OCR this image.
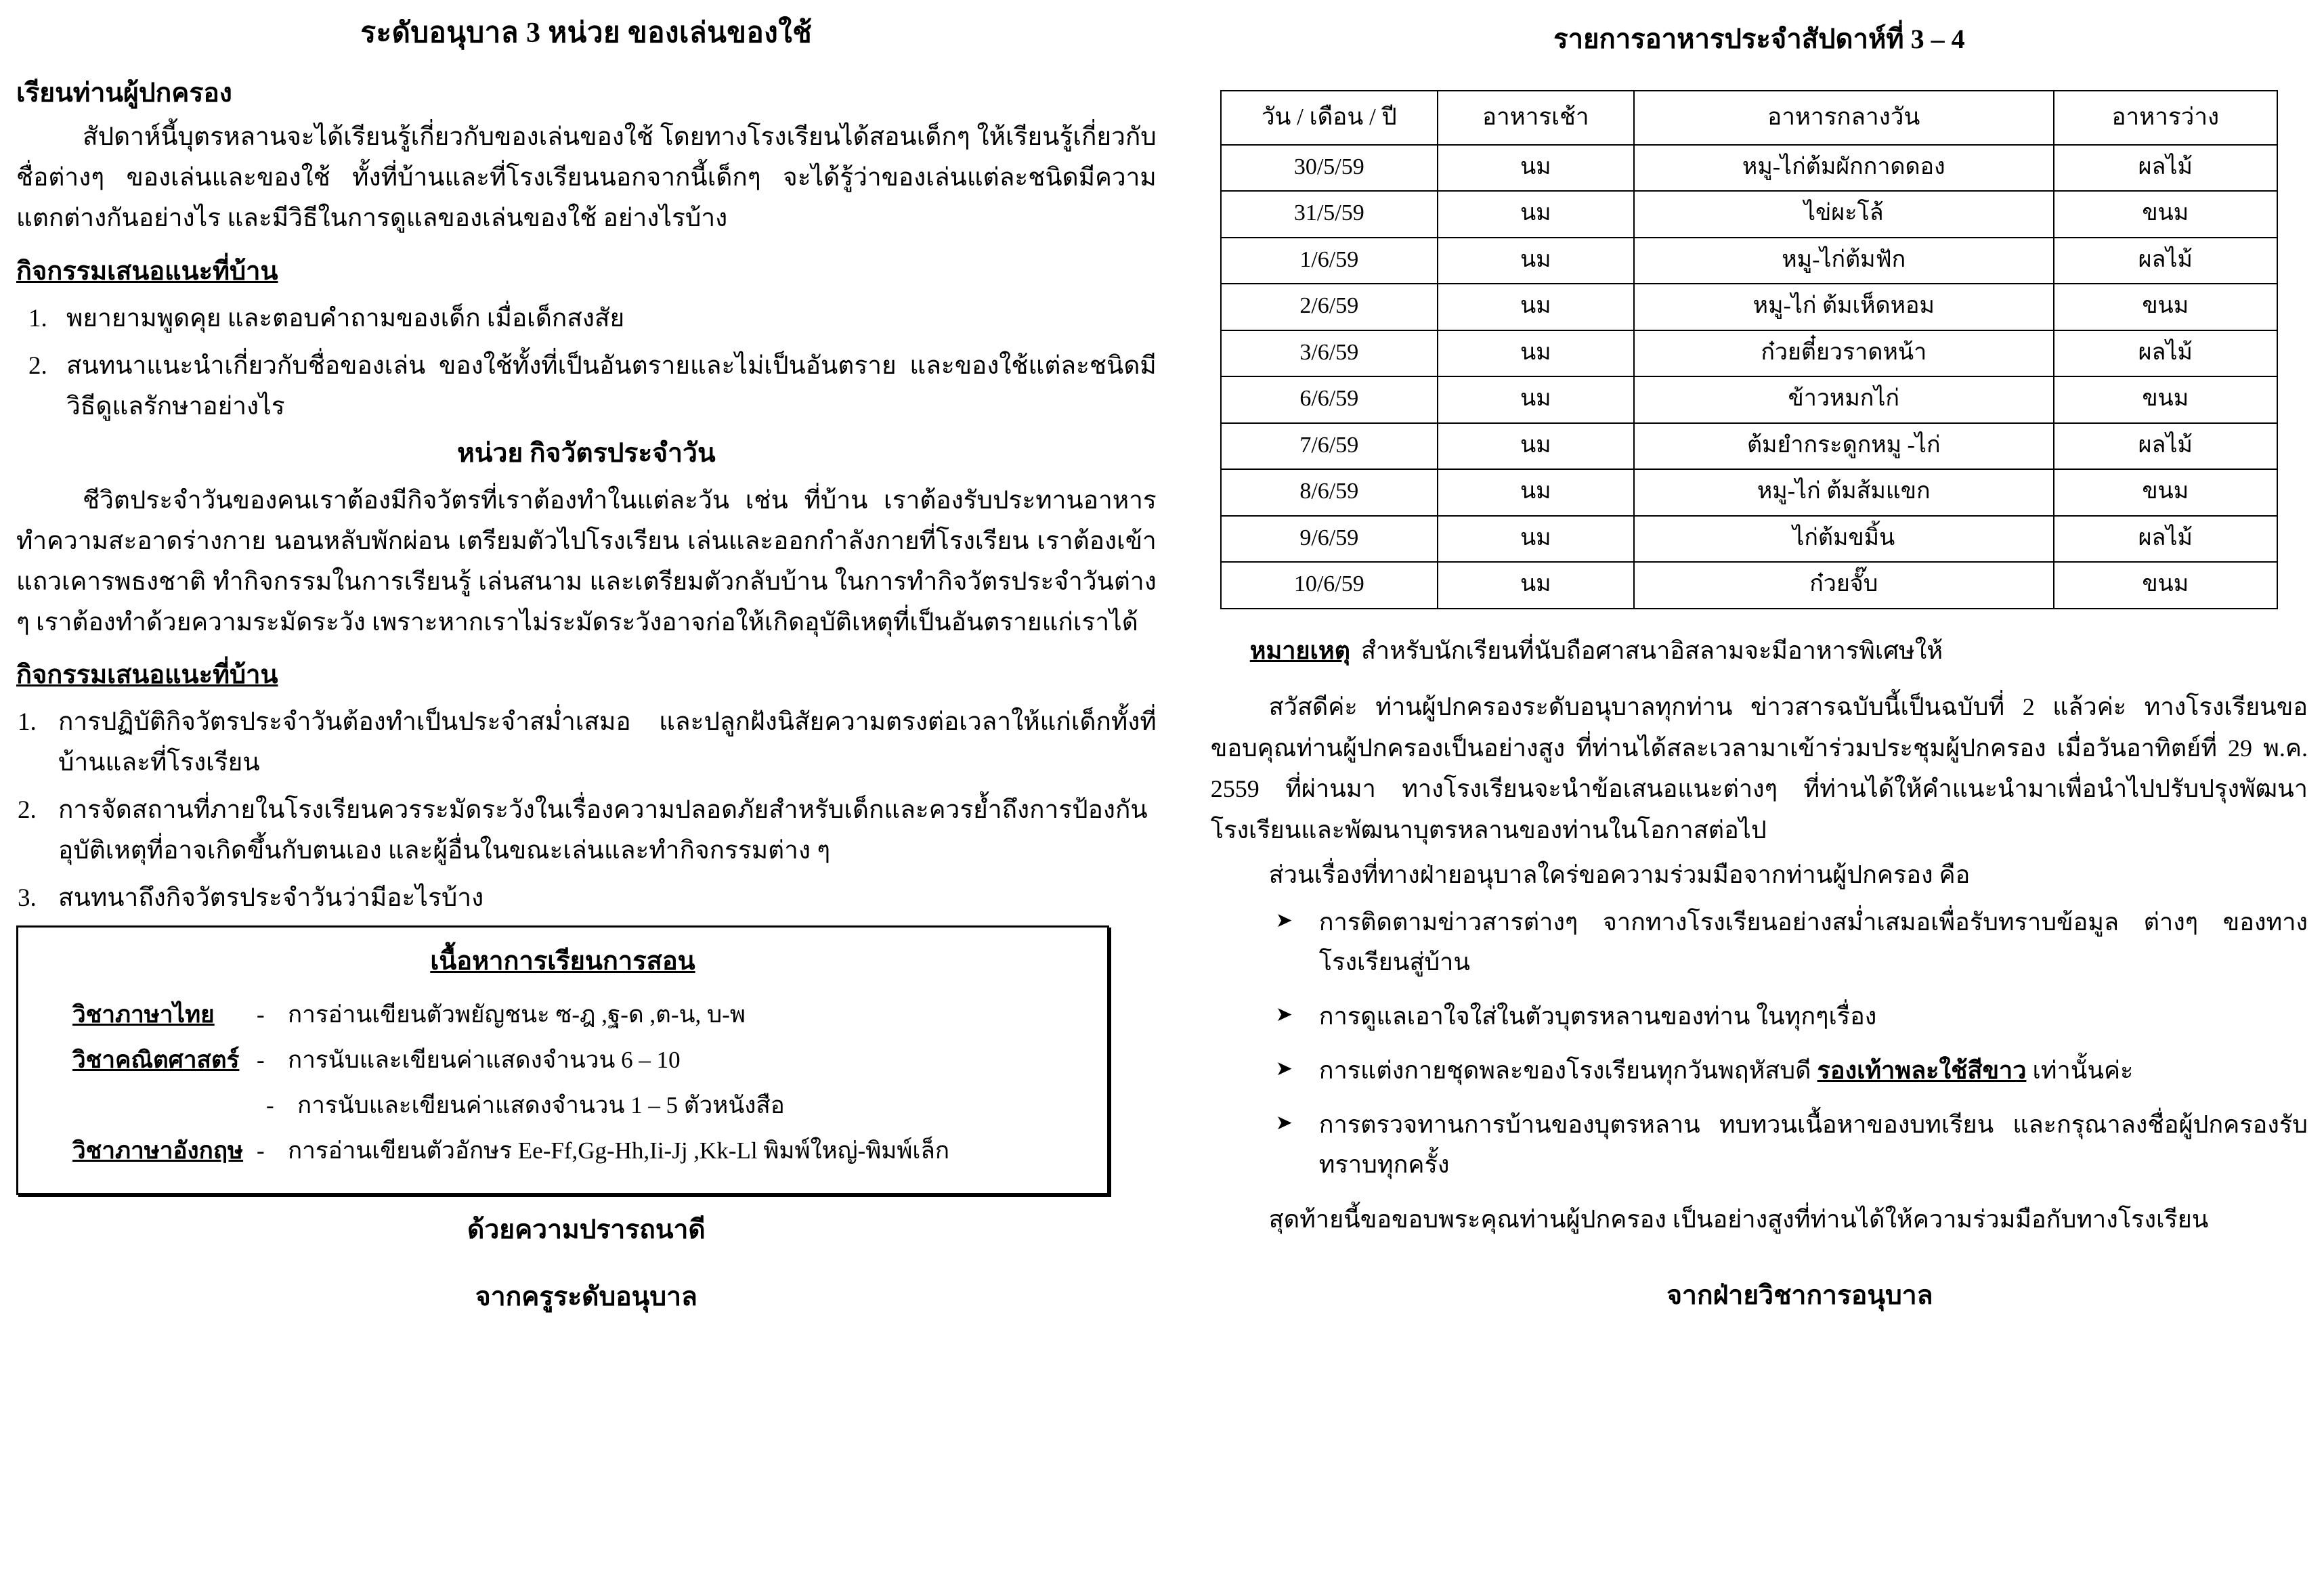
ระดับอนุบาล 3 หน่วย ของเล่นของใช้
เรียนท่านผู้ปกครอง

สัปดาห์นี้บุตรหลานจะได้เรียนรู้เกี่ยวกับของเล่นของใช้ โดยทางโรงเรียนได้สอนเด็กๆ ให้เรียนรู้เกี่ยวกับชื่อต่างๆ ของเล่นและของใช้ ทั้งที่บ้านและที่โรงเรียนนอกจากนี้เด็กๆ จะได้รู้ว่าของเล่นแต่ละชนิดมีความแตกต่างกันอย่างไร และมีวิธีในการดูแลของเล่นของใช้ อย่างไรบ้าง

กิจกรรมเสนอแนะที่บ้าน
พยายามพูดคุย และตอบคำถามของเด็ก เมื่อเด็กสงสัย
สนทนาแนะนำเกี่ยวกับชื่อของเล่น ของใช้ทั้งที่เป็นอันตรายและไม่เป็นอันตราย และของใช้แต่ละชนิดมีวิธีดูแลรักษาอย่างไร
หน่วย กิจวัตรประจำวัน

ชีวิตประจำวันของคนเราต้องมีกิจวัตรที่เราต้องทำในแต่ละวัน เช่น ที่บ้าน เราต้องรับประทานอาหาร ทำความสะอาดร่างกาย นอนหลับพักผ่อน เตรียมตัวไปโรงเรียน เล่นและออกกำลังกายที่โรงเรียน เราต้องเข้าแถวเคารพธงชาติ ทำกิจกรรมในการเรียนรู้ เล่นสนาม และเตรียมตัวกลับบ้าน ในการทำกิจวัตรประจำวันต่าง ๆ เราต้องทำด้วยความระมัดระวัง เพราะหากเราไม่ระมัดระวังอาจก่อให้เกิดอุบัติเหตุที่เป็นอันตรายแก่เราได้

กิจกรรมเสนอแนะที่บ้าน
การปฏิบัติกิจวัตรประจำวันต้องทำเป็นประจำสม่ำเสมอ และปลูกฝังนิสัยความตรงต่อเวลาให้แก่เด็กทั้งที่บ้านและที่โรงเรียน
การจัดสถานที่ภายในโรงเรียนควรระมัดระวังในเรื่องความปลอดภัยสำหรับเด็กและควรย้ำถึงการป้องกันอุบัติเหตุที่อาจเกิดขึ้นกับตนเอง และผู้อื่นในขณะเล่นและทำกิจกรรมต่าง ๆ
สนทนาถึงกิจวัตรประจำวันว่ามีอะไรบ้าง
เนื้อหาการเรียนการสอน
วิชาภาษาไทย	- การอ่านเขียนตัวพยัญชนะ ซ-ฎ ,ฐ-ด ,ต-น, บ-พ
วิชาคณิตศาสตร์ - การนับและเขียนค่าแสดงจำนวน 6 – 10
- การนับและเขียนค่าแสดงจำนวน 1 – 5 ตัวหนังสือ
วิชาภาษาอังกฤษ - การอ่านเขียนตัวอักษร Ee-Ff,Gg-Hh,Ii-Jj ,Kk-Ll พิมพ์ใหญ่-พิมพ์เล็ก
ด้วยความปรารถนาดี
จากครูระดับอนุบาล
รายการอาหารประจำสัปดาห์ที่ 3 – 4
วัน / เดือน / ปี	อาหารเช้า	อาหารกลางวัน	อาหารว่าง
30/5/59	นม	หมู-ไก่ต้มผักกาดดอง	ผลไม้
31/5/59	นม	ไข่ผะโล้	ขนม
1/6/59	นม	หมู-ไก่ต้มฟัก	ผลไม้
2/6/59	นม	หมู-ไก่ ต้มเห็ดหอม	ขนม
3/6/59	นม	ก๋วยตี๋ยวราดหน้า	ผลไม้
6/6/59	นม	ข้าวหมกไก่	ขนม
7/6/59	นม	ต้มยำกระดูกหมู -ไก่	ผลไม้
8/6/59	นม	หมู-ไก่ ต้มส้มแขก	ขนม
9/6/59	นม	ไก่ต้มขมิ้น	ผลไม้
10/6/59	นม	ก๋วยจั๊บ	ขนม
หมายเหตุ สำหรับนักเรียนที่นับถือศาสนาอิสลามจะมีอาหารพิเศษให้

สวัสดีค่ะ ท่านผู้ปกครองระดับอนุบาลทุกท่าน ข่าวสารฉบับนี้เป็นฉบับที่ 2 แล้วค่ะ ทางโรงเรียนขอขอบคุณท่านผู้ปกครองเป็นอย่างสูง ที่ท่านได้สละเวลามาเข้าร่วมประชุมผู้ปกครอง เมื่อวันอาทิตย์ที่ 29 พ.ค. 2559 ที่ผ่านมา ทางโรงเรียนจะนำข้อเสนอแนะต่างๆ ที่ท่านได้ให้คำแนะนำมาเพื่อนำไปปรับปรุงพัฒนาโรงเรียนและพัฒนาบุตรหลานของท่านในโอกาสต่อไป

ส่วนเรื่องที่ทางฝ่ายอนุบาลใคร่ขอความร่วมมือจากท่านผู้ปกครอง คือ

➤ การติดตามข่าวสารต่างๆ จากทางโรงเรียนอย่างสม่ำเสมอเพื่อรับทราบข้อมูล ต่างๆ ของทางโรงเรียนสู่บ้าน
➤ การดูแลเอาใจใส่ในตัวบุตรหลานของท่าน ในทุกๆเรื่อง
➤ การแต่งกายชุดพละของโรงเรียนทุกวันพฤหัสบดี รองเท้าพละใช้สีขาว เท่านั้นค่ะ
➤ การตรวจทานการบ้านของบุตรหลาน ทบทวนเนื้อหาของบทเรียน และกรุณาลงชื่อผู้ปกครองรับทราบทุกครั้ง

สุดท้ายนี้ขอขอบพระคุณท่านผู้ปกครอง เป็นอย่างสูงที่ท่านได้ให้ความร่วมมือกับทางโรงเรียน

จากฝ่ายวิชาการอนุบาล
